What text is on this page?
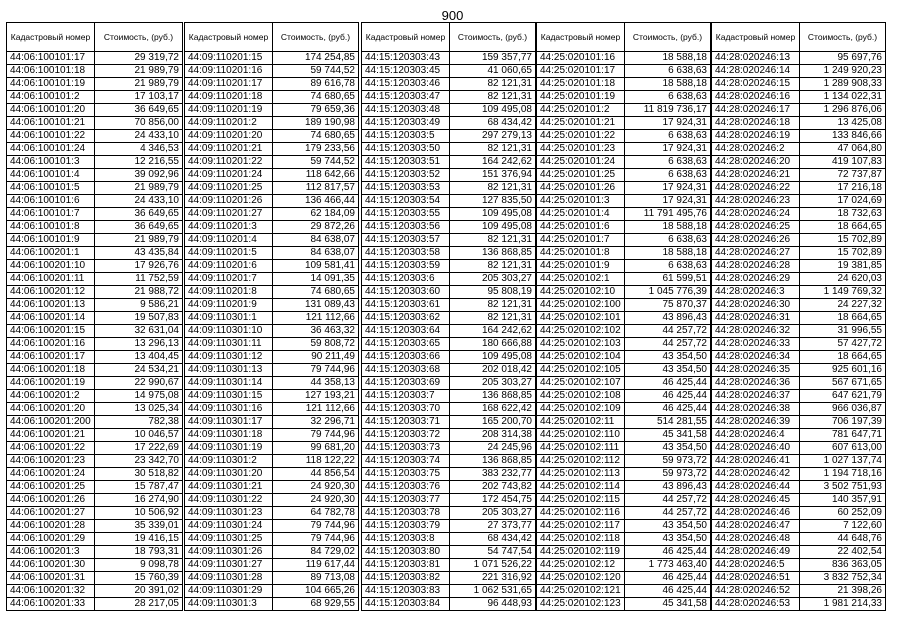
900
Кадастровый номер	Стоимость, (руб.)
44:06:100101:17	29 319,72
44:06:100101:18	21 989,79
44:06:100101:19	21 989,79
44:06:100101:2	17 103,17
44:06:100101:20	36 649,65
44:06:100101:21	70 856,00
44:06:100101:22	24 433,10
44:06:100101:24	4 346,53
44:06:100101:3	12 216,55
44:06:100101:4	39 092,96
44:06:100101:5	21 989,79
44:06:100101:6	24 433,10
44:06:100101:7	36 649,65
44:06:100101:8	36 649,65
44:06:100101:9	21 989,79
44:06:100201:1	43 435,84
44:06:100201:10	17 926,76
44:06:100201:11	11 752,59
44:06:100201:12	21 988,72
44:06:100201:13	9 586,21
44:06:100201:14	19 507,83
44:06:100201:15	32 631,04
44:06:100201:16	13 296,13
44:06:100201:17	13 404,45
44:06:100201:18	24 534,21
44:06:100201:19	22 990,67
44:06:100201:2	14 975,08
44:06:100201:20	13 025,34
44:06:100201:200	782,38
44:06:100201:21	10 046,57
44:06:100201:22	17 222,69
44:06:100201:23	23 342,70
44:06:100201:24	30 518,82
44:06:100201:25	15 787,47
44:06:100201:26	16 274,90
44:06:100201:27	10 506,92
44:06:100201:28	35 339,01
44:06:100201:29	19 416,15
44:06:100201:3	18 793,31
44:06:100201:30	9 098,78
44:06:100201:31	15 760,39
44:06:100201:32	20 391,02
44:06:100201:33	28 217,05
Кадастровый номер	Стоимость, (руб.)
44:09:110201:15	174 254,85
44:09:110201:16	59 744,52
44:09:110201:17	89 616,78
44:09:110201:18	74 680,65
44:09:110201:19	79 659,36
44:09:110201:2	189 190,98
44:09:110201:20	74 680,65
44:09:110201:21	179 233,56
44:09:110201:22	59 744,52
44:09:110201:24	118 642,66
44:09:110201:25	112 817,57
44:09:110201:26	136 466,44
44:09:110201:27	62 184,09
44:09:110201:3	29 872,26
44:09:110201:4	84 638,07
44:09:110201:5	84 638,07
44:09:110201:6	109 581,41
44:09:110201:7	14 091,35
44:09:110201:8	74 680,65
44:09:110201:9	131 089,43
44:09:110301:1	121 112,66
44:09:110301:10	36 463,32
44:09:110301:11	59 808,72
44:09:110301:12	90 211,49
44:09:110301:13	79 744,96
44:09:110301:14	44 358,13
44:09:110301:15	127 193,21
44:09:110301:16	121 112,66
44:09:110301:17	32 296,71
44:09:110301:18	79 744,96
44:09:110301:19	99 681,20
44:09:110301:2	118 122,22
44:09:110301:20	44 856,54
44:09:110301:21	24 920,30
44:09:110301:22	24 920,30
44:09:110301:23	64 782,78
44:09:110301:24	79 744,96
44:09:110301:25	79 744,96
44:09:110301:26	84 729,02
44:09:110301:27	119 617,44
44:09:110301:28	89 713,08
44:09:110301:29	104 665,26
44:09:110301:3	68 929,55
Кадастровый номер	Стоимость, (руб.)
44:15:120303:43	159 357,77
44:15:120303:45	41 060,65
44:15:120303:46	82 121,31
44:15:120303:47	82 121,31
44:15:120303:48	109 495,08
44:15:120303:49	68 434,42
44:15:120303:5	297 279,13
44:15:120303:50	82 121,31
44:15:120303:51	164 242,62
44:15:120303:52	151 376,94
44:15:120303:53	82 121,31
44:15:120303:54	127 835,50
44:15:120303:55	109 495,08
44:15:120303:56	109 495,08
44:15:120303:57	82 121,31
44:15:120303:58	136 868,85
44:15:120303:59	82 121,31
44:15:120303:6	205 303,27
44:15:120303:60	95 808,19
44:15:120303:61	82 121,31
44:15:120303:62	82 121,31
44:15:120303:64	164 242,62
44:15:120303:65	180 666,88
44:15:120303:66	109 495,08
44:15:120303:68	202 018,42
44:15:120303:69	205 303,27
44:15:120303:7	136 868,85
44:15:120303:70	168 622,42
44:15:120303:71	165 200,70
44:15:120303:72	208 314,38
44:15:120303:73	24 245,96
44:15:120303:74	136 868,85
44:15:120303:75	383 232,77
44:15:120303:76	202 743,82
44:15:120303:77	172 454,75
44:15:120303:78	205 303,27
44:15:120303:79	27 373,77
44:15:120303:8	68 434,42
44:15:120303:80	54 747,54
44:15:120303:81	1 071 526,22
44:15:120303:82	221 316,92
44:15:120303:83	1 062 531,65
44:15:120303:84	96 448,93
Кадастровый номер	Стоимость, (руб.)
44:25:020101:16	18 588,18
44:25:020101:17	6 638,63
44:25:020101:18	18 588,18
44:25:020101:19	6 638,63
44:25:020101:2	11 819 736,17
44:25:020101:21	17 924,31
44:25:020101:22	6 638,63
44:25:020101:23	17 924,31
44:25:020101:24	6 638,63
44:25:020101:25	6 638,63
44:25:020101:26	17 924,31
44:25:020101:3	17 924,31
44:25:020101:4	11 791 495,76
44:25:020101:6	18 588,18
44:25:020101:7	6 638,63
44:25:020101:8	18 588,18
44:25:020101:9	6 638,63
44:25:020102:1	61 599,51
44:25:020102:10	1 045 776,39
44:25:020102:100	75 870,37
44:25:020102:101	43 896,43
44:25:020102:102	44 257,72
44:25:020102:103	44 257,72
44:25:020102:104	43 354,50
44:25:020102:105	43 354,50
44:25:020102:107	46 425,44
44:25:020102:108	46 425,44
44:25:020102:109	46 425,44
44:25:020102:11	514 281,55
44:25:020102:110	45 341,58
44:25:020102:111	43 354,50
44:25:020102:112	59 973,72
44:25:020102:113	59 973,72
44:25:020102:114	43 896,43
44:25:020102:115	44 257,72
44:25:020102:116	44 257,72
44:25:020102:117	43 354,50
44:25:020102:118	43 354,50
44:25:020102:119	46 425,44
44:25:020102:12	1 773 463,40
44:25:020102:120	46 425,44
44:25:020102:121	46 425,44
44:25:020102:123	45 341,58
Кадастровый номер	Стоимость, (руб.)
44:28:020246:13	95 697,76
44:28:020246:14	1 249 920,23
44:28:020246:15	1 289 908,33
44:28:020246:16	1 134 022,31
44:28:020246:17	1 296 876,06
44:28:020246:18	13 425,08
44:28:020246:19	133 846,66
44:28:020246:2	47 064,80
44:28:020246:20	419 107,83
44:28:020246:21	72 737,87
44:28:020246:22	17 216,18
44:28:020246:23	17 024,69
44:28:020246:24	18 732,63
44:28:020246:25	18 664,65
44:28:020246:26	15 702,89
44:28:020246:27	15 702,89
44:28:020246:28	19 381,85
44:28:020246:29	24 620,03
44:28:020246:3	1 149 769,32
44:28:020246:30	24 227,32
44:28:020246:31	18 664,65
44:28:020246:32	31 996,55
44:28:020246:33	57 427,72
44:28:020246:34	18 664,65
44:28:020246:35	925 601,16
44:28:020246:36	567 671,65
44:28:020246:37	647 621,79
44:28:020246:38	966 036,87
44:28:020246:39	706 197,39
44:28:020246:4	781 647,71
44:28:020246:40	607 613,00
44:28:020246:41	1 027 137,74
44:28:020246:42	1 194 718,16
44:28:020246:44	3 502 751,93
44:28:020246:45	140 357,91
44:28:020246:46	60 252,09
44:28:020246:47	7 122,60
44:28:020246:48	44 648,76
44:28:020246:49	22 402,54
44:28:020246:5	836 363,05
44:28:020246:51	3 832 752,34
44:28:020246:52	21 398,26
44:28:020246:53	1 981 214,33
